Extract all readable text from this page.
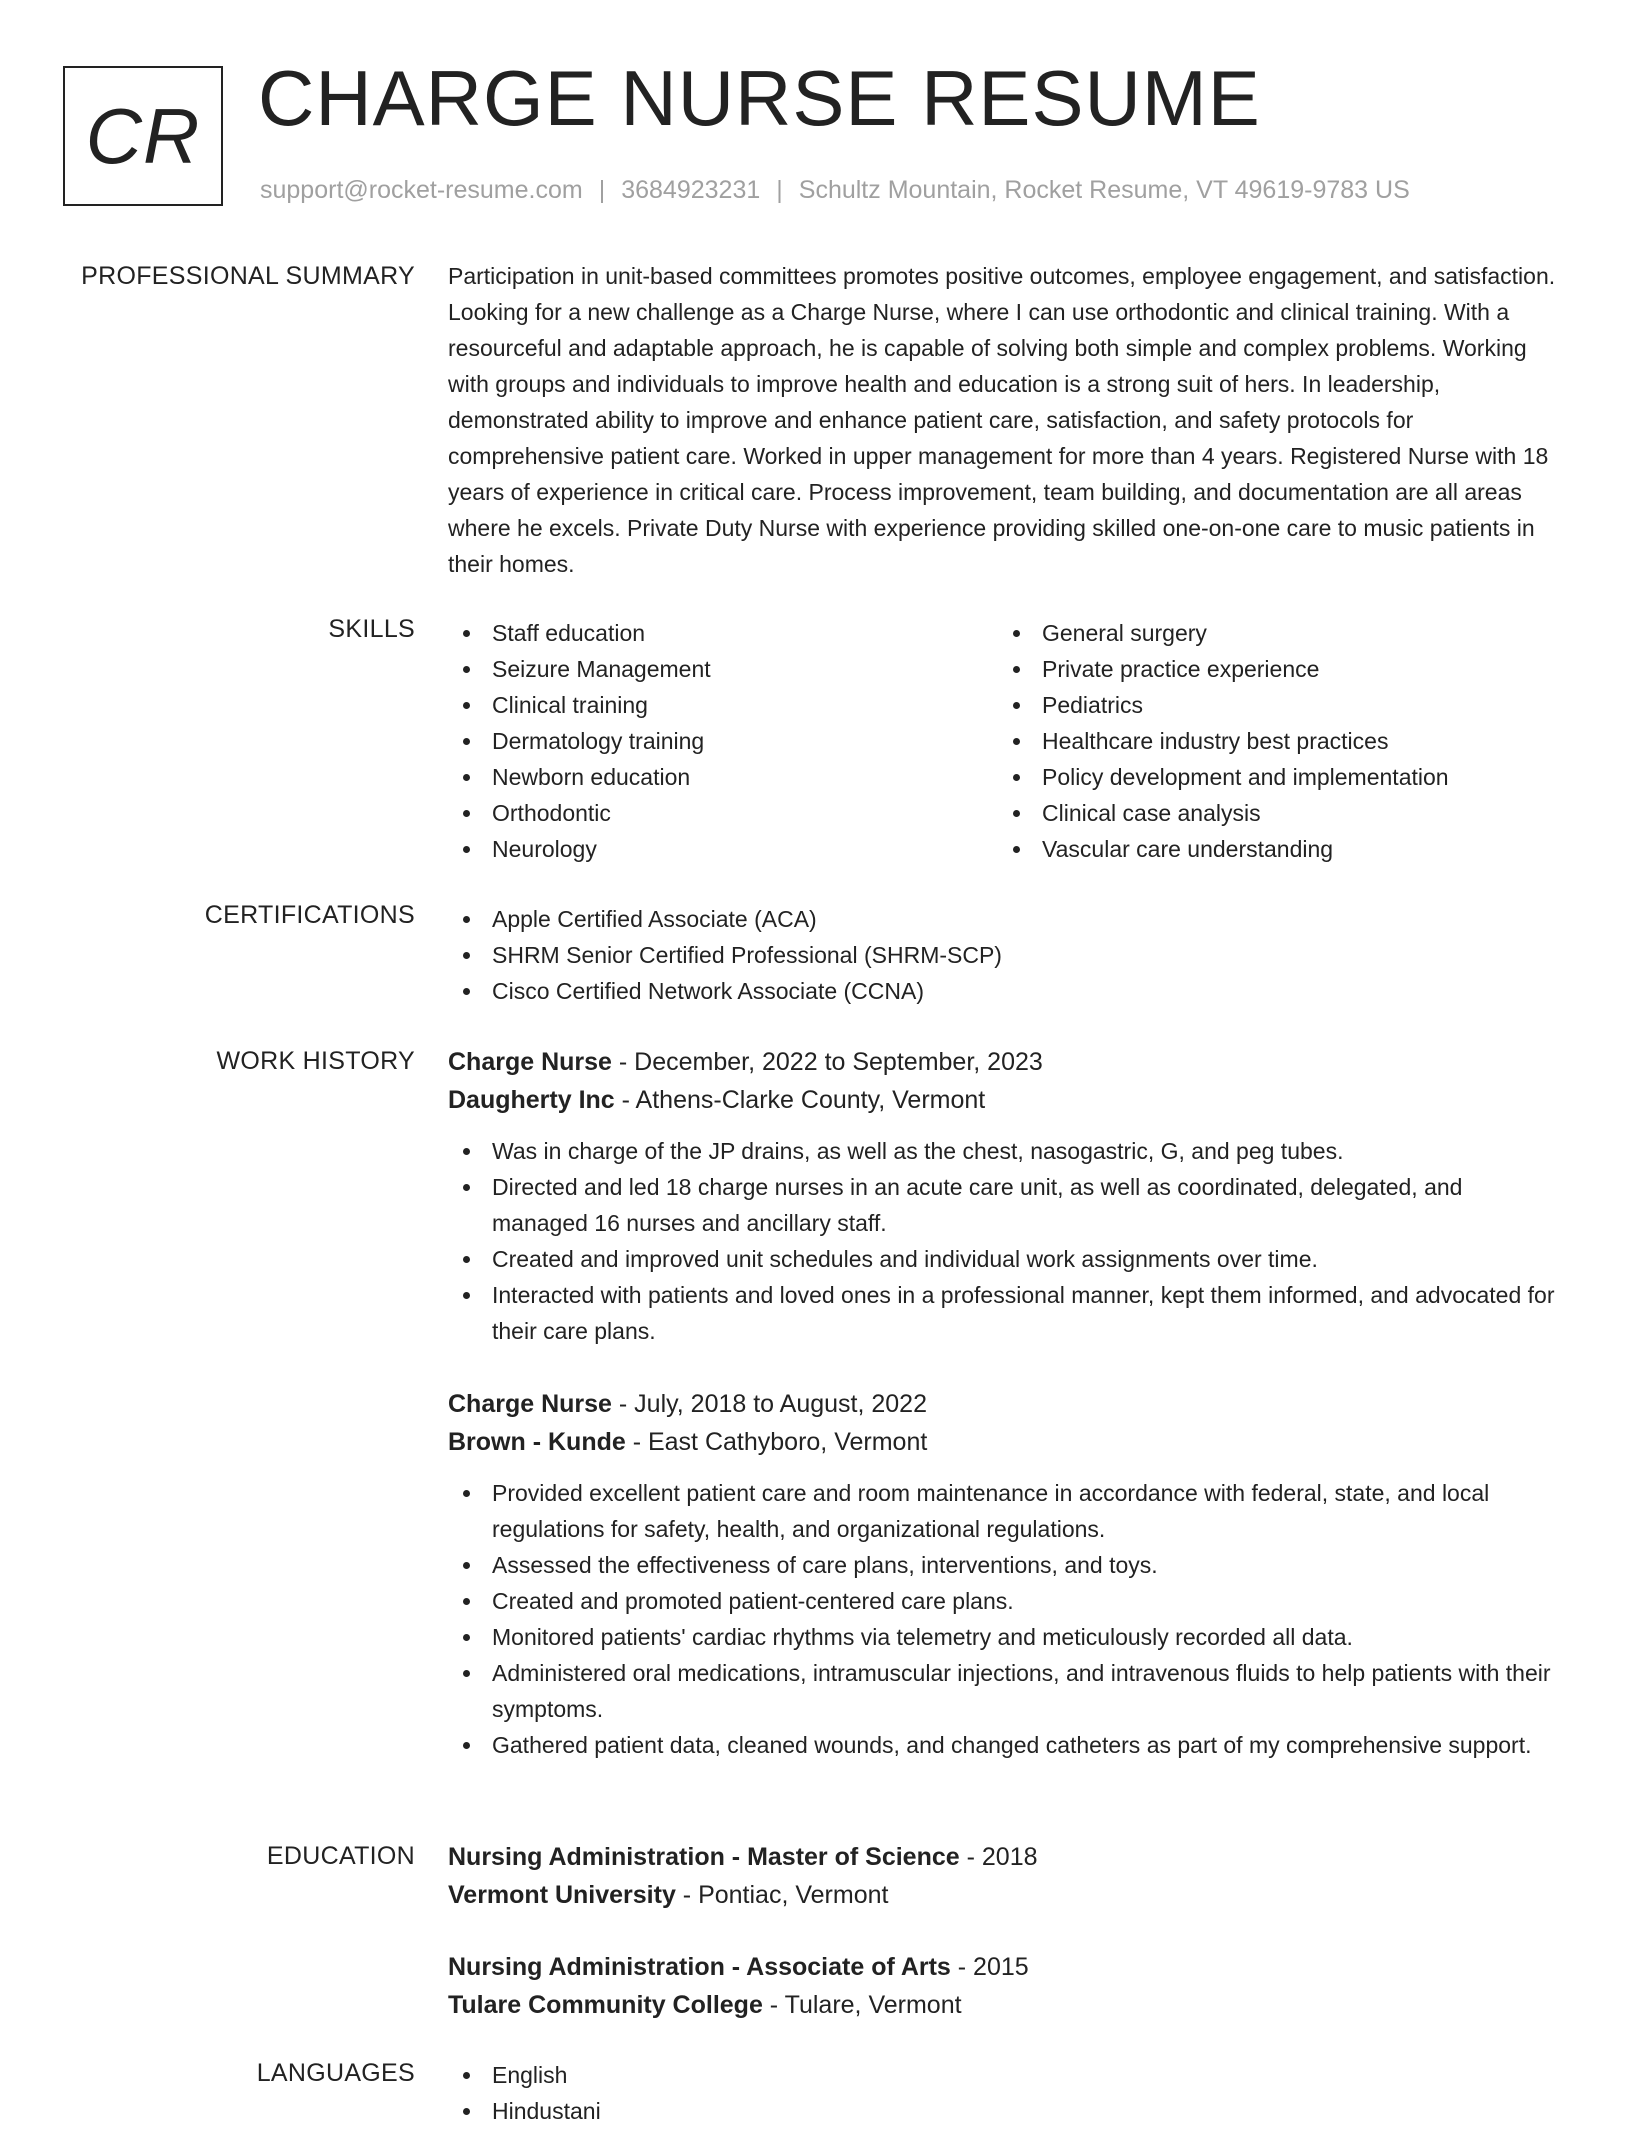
CR CHARGE NURSE RESUME
support@rocket-resume.com | 3684923231 | Schultz Mountain, Rocket Resume, VT 49619-9783 US
PROFESSIONAL SUMMARY Participation in unit-based committees promotes positive outcomes, employee engagement, and satisfaction. Looking for a new challenge as a Charge Nurse, where I can use orthodontic and clinical training. With a resourceful and adaptable approach, he is capable of solving both simple and complex problems. Working with groups and individuals to improve health and education is a strong suit of hers. In leadership, demonstrated ability to improve and enhance patient care, satisfaction, and safety protocols for comprehensive patient care. Worked in upper management for more than 4 years. Registered Nurse with 18 years of experience in critical care. Process improvement, team building, and documentation are all areas where he excels. Private Duty Nurse with experience providing skilled one-on-one care to music patients in their homes.

SKILLS	Staff education
Seizure Management
Clinical training
Dermatology training
Newborn education
Orthodontic
Neurology
General surgery
Private practice experience
Pediatrics
Healthcare industry best practices
Policy development and implementation
Clinical case analysis
Vascular care understanding
CERTIFICATIONS	Apple Certified Associate (ACA)
SHRM Senior Certified Professional (SHRM-SCP)
Cisco Certified Network Associate (CCNA)
WORK HISTORY Charge Nurse - December, 2022 to September, 2023
Daugherty Inc - Athens-Clarke County, Vermont
Was in charge of the JP drains, as well as the chest, nasogastric, G, and peg tubes.
Directed and led 18 charge nurses in an acute care unit, as well as coordinated, delegated, and managed 16 nurses and ancillary staff.
Created and improved unit schedules and individual work assignments over time.
Interacted with patients and loved ones in a professional manner, kept them informed, and advocated for their care plans.
Charge Nurse - July, 2018 to August, 2022
Brown - Kunde - East Cathyboro, Vermont
Provided excellent patient care and room maintenance in accordance with federal, state, and local regulations for safety, health, and organizational regulations.
Assessed the effectiveness of care plans, interventions, and toys.
Created and promoted patient-centered care plans.
Monitored patients' cardiac rhythms via telemetry and meticulously recorded all data.
Administered oral medications, intramuscular injections, and intravenous fluids to help patients with their symptoms.
Gathered patient data, cleaned wounds, and changed catheters as part of my comprehensive support.
EDUCATION Nursing Administration - Master of Science - 2018
Vermont University - Pontiac, Vermont
Nursing Administration - Associate of Arts - 2015
Tulare Community College - Tulare, Vermont
LANGUAGES	English
Hindustani
